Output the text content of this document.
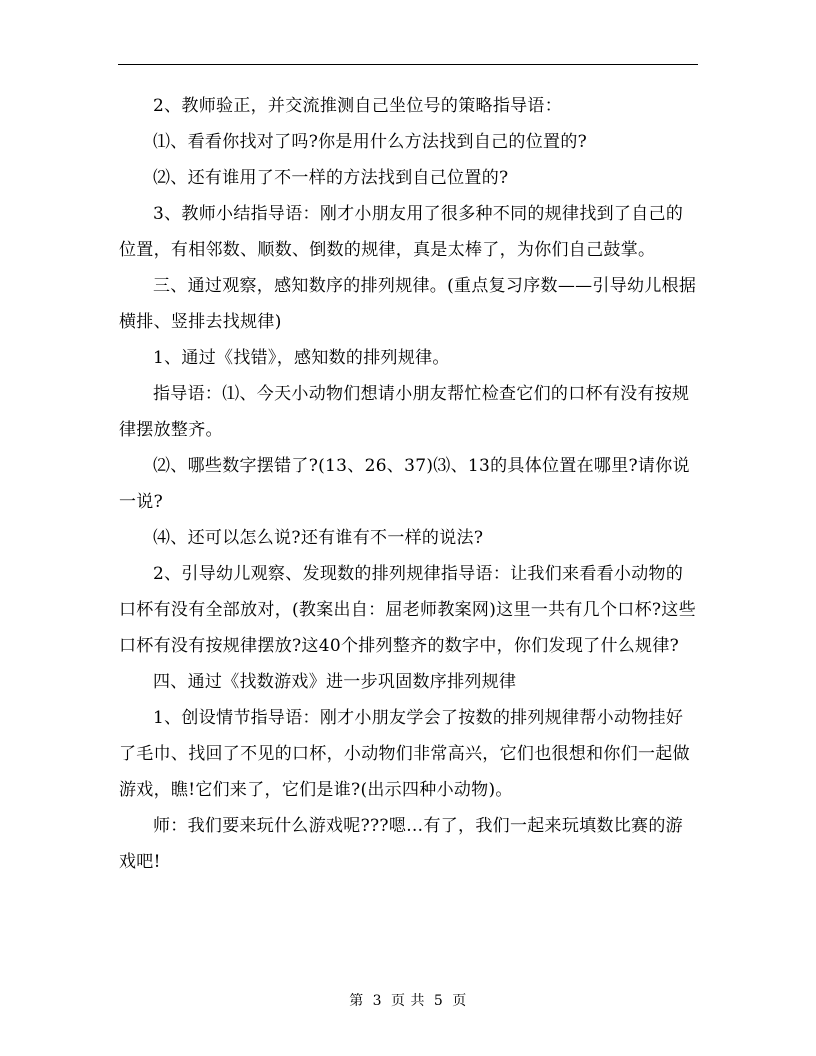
2、教师验正，并交流推测自己坐位号的策略指导语：

⑴、看看你找对了吗?你是用什么方法找到自己的位置的?

⑵、还有谁用了不一样的方法找到自己位置的?

3、教师小结指导语：刚才小朋友用了很多种不同的规律找到了自己的位置，有相邻数、顺数、倒数的规律，真是太棒了，为你们自己鼓掌。

三、通过观察，感知数序的排列规律。(重点复习序数——引导幼儿根据横排、竖排去找规律)

1、通过《找错》，感知数的排列规律。

指导语：⑴、今天小动物们想请小朋友帮忙检查它们的口杯有没有按规律摆放整齐。

⑵、哪些数字摆错了?(13、26、37)⑶、13的具体位置在哪里?请你说一说?

⑷、还可以怎么说?还有谁有不一样的说法?

2、引导幼儿观察、发现数的排列规律指导语：让我们来看看小动物的口杯有没有全部放对，(教案出自：屈老师教案网)这里一共有几个口杯?这些口杯有没有按规律摆放?这40个排列整齐的数字中，你们发现了什么规律?

四、通过《找数游戏》进一步巩固数序排列规律

1、创设情节指导语：刚才小朋友学会了按数的排列规律帮小动物挂好了毛巾、找回了不见的口杯，小动物们非常高兴，它们也很想和你们一起做游戏，瞧!它们来了，它们是谁?(出示四种小动物)。

师：我们要来玩什么游戏呢???嗯…有了，我们一起来玩填数比赛的游戏吧!

第 3 页 共 5 页
